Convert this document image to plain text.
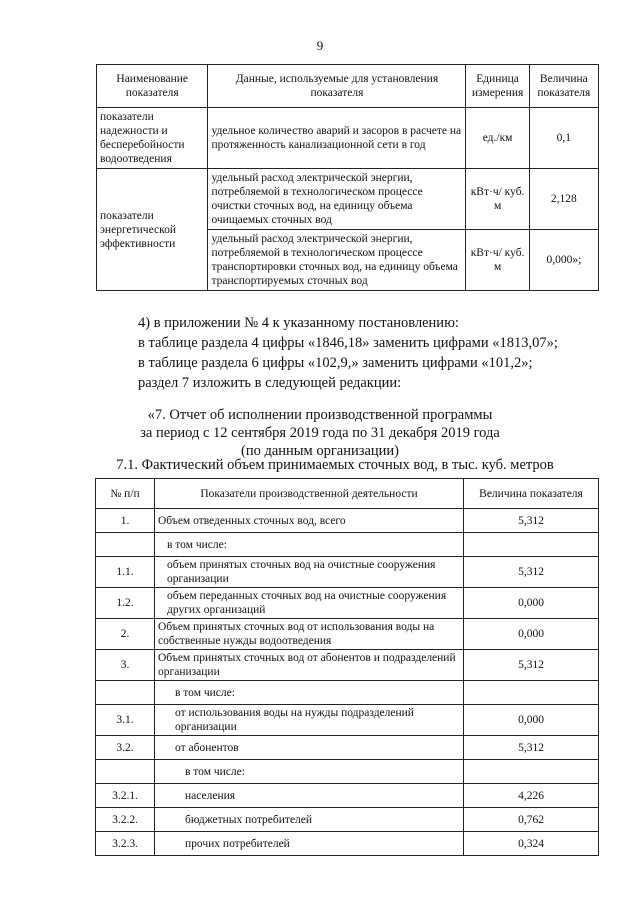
9
Наименование показателя	Данные, используемые для установления показателя	Единица измерения	Величина показателя
показатели надежности и бесперебойности водоотведения	удельное количество аварий и засоров в расчете на протяженность канализационной сети в год	ед./км	0,1
показатели энергетической эффективности	удельный расход электрической энергии, потребляемой в технологическом процессе очистки сточных вод, на единицу объема очищаемых сточных вод	кВт·ч/ куб. м	2,128
	удельный расход электрической энергии, потребляемой в технологическом процессе транспортировки сточных вод, на единицу объема транспортируемых сточных вод	кВт·ч/ куб. м	0,000»;
4) в приложении № 4 к указанному постановлению:
в таблице раздела 4 цифры «1846,18» заменить цифрами «1813,07»;
в таблице раздела 6 цифры «102,9,» заменить цифрами «101,2»;
раздел 7 изложить в следующей редакции:
«7. Отчет об исполнении производственной программы
за период с 12 сентября 2019 года по 31 декабря 2019 года
(по данным организации)
7.1. Фактический объем принимаемых сточных вод, в тыс. куб. метров
№ п/п	Показатели производственной деятельности	Величина показателя
1.	Объем отведенных сточных вод, всего	5,312
	в том числе:	
1.1.	объем принятых сточных вод на очистные сооружения организации	5,312
1.2.	объем переданных сточных вод на очистные сооружения других организаций	0,000
2.	Объем принятых сточных вод от использования воды на собственные нужды водоотведения	0,000
3.	Объем принятых сточных вод от абонентов и подразделений организации	5,312
	в том числе:	
3.1.	от использования воды на нужды подразделений организации	0,000
3.2.	от абонентов	5,312
	в том числе:	
3.2.1.	населения	4,226
3.2.2.	бюджетных потребителей	0,762
3.2.3.	прочих потребителей	0,324
